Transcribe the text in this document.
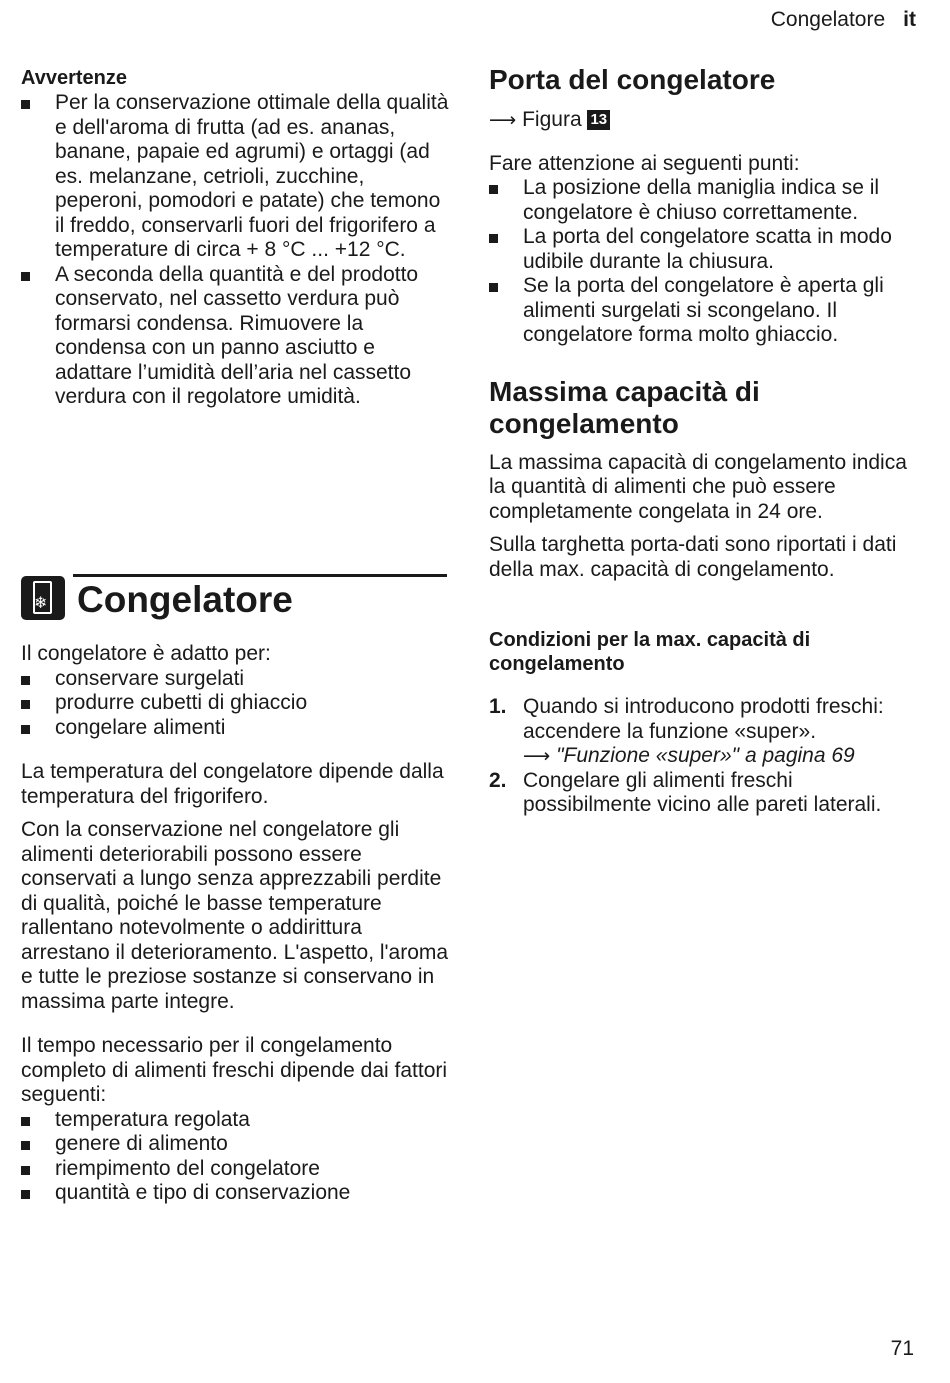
Congelatore it

Avvertenze

Per la conservazione ottimale della qualità e dell'aroma di frutta (ad es. ananas, banane, papaie ed agrumi) e ortaggi (ad es. melanzane, cetrioli, zucchine, peperoni, pomodori e patate) che temono il freddo, conservarli fuori del frigorifero a temperature di circa + 8 °C ... +12 °C.
A seconda della quantità e del prodotto conservato, nel cassetto verdura può formarsi condensa. Rimuovere la condensa con un panno asciutto e adattare l’umidità dell’aria nel cassetto verdura con il regolatore umidità.
❄ Congelatore

Il congelatore è adatto per:

conservare surgelati
produrre cubetti di ghiaccio
congelare alimenti

La temperatura del congelatore dipende dalla temperatura del frigorifero.

Con la conservazione nel congelatore gli alimenti deteriorabili possono essere conservati a lungo senza apprezzabili perdite di qualità, poiché le basse temperature rallentano notevolmente o addirittura arrestano il deterioramento. L'aspetto, l'aroma e tutte le preziose sostanze si conservano in massima parte integre.

Il tempo necessario per il congelamento completo di alimenti freschi dipende dai fattori seguenti:

temperatura regolata
genere di alimento
riempimento del congelatore
quantità e tipo di conservazione
Porta del congelatore

⟶ Figura 13

Fare attenzione ai seguenti punti:

La posizione della maniglia indica se il congelatore è chiuso correttamente.
La porta del congelatore scatta in modo udibile durante la chiusura.
Se la porta del congelatore è aperta gli alimenti surgelati si scongelano. Il congelatore forma molto ghiaccio.
Massima capacità di congelamento

La massima capacità di congelamento indica la quantità di alimenti che può essere completamente congelata in 24 ore.

Sulla targhetta porta-dati sono riportati i dati della max. capacità di congelamento.

Condizioni per la max. capacità di congelamento

1. Quando si introducono prodotti freschi: accendere la funzione «super».
⟶ "Funzione «super»" a pagina 69
2. Congelare gli alimenti freschi possibilmente vicino alle pareti laterali.
71
